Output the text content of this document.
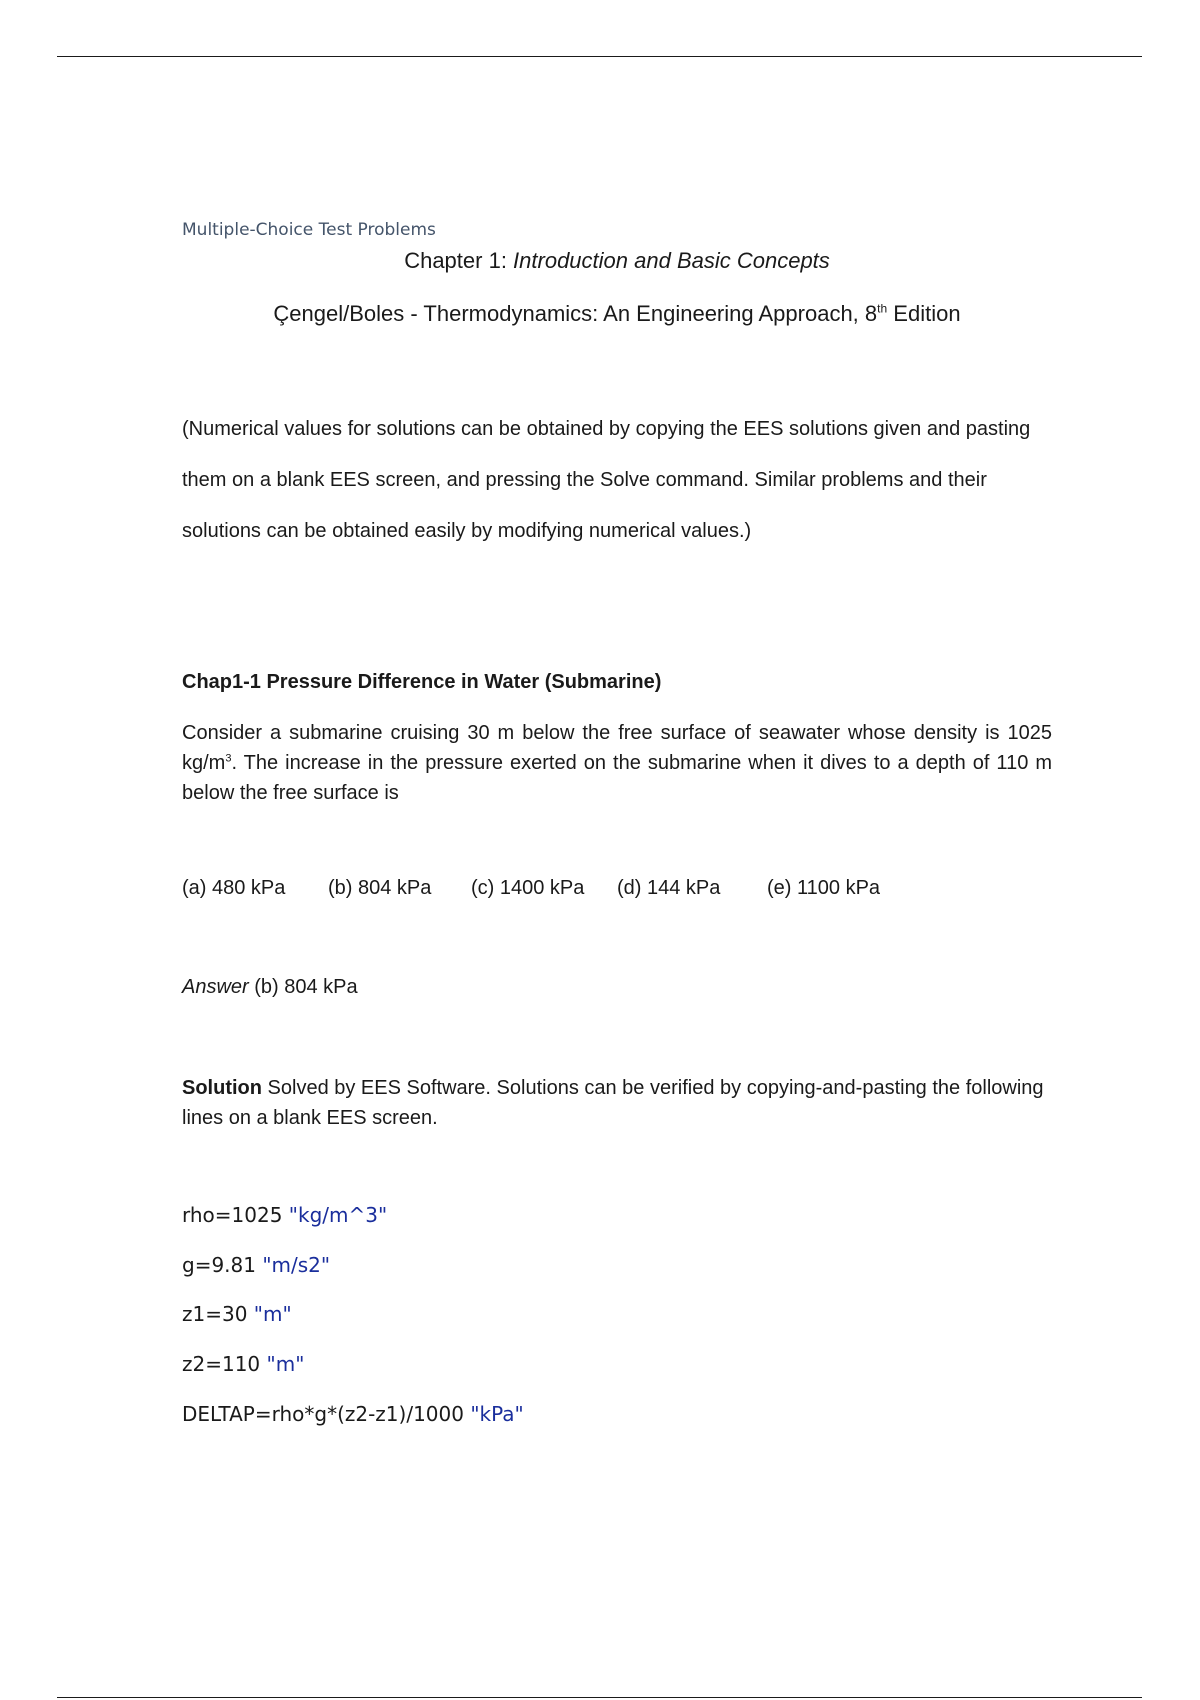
Multiple-Choice Test Problems
Chapter 1: Introduction and Basic Concepts
Çengel/Boles - Thermodynamics: An Engineering Approach, 8th Edition
(Numerical values for solutions can be obtained by copying the EES solutions given and pasting them on a blank EES screen, and pressing the Solve command. Similar problems and their solutions can be obtained easily by modifying numerical values.)
Chap1-1 Pressure Difference in Water (Submarine)
Consider a submarine cruising 30 m below the free surface of seawater whose density is 1025 $kg/m^3$. The increase in the pressure exerted on the submarine when it dives to a depth of 110 m below the free surface is

(a) 480 kPa

(b) 804 kPa

(c) 1400 kPa

(d) 144 kPa

(e) 1100 kPa

Answer (b) 804 kPa
Solution Solved by EES Software. Solutions can be verified by copying-and-pasting the following lines on a blank EES screen.
rho=1025 "kg/m^3"
g=9.81 "m/s2"
z1=30 "m"
z2=110 "m"
DELTAP=rho*g*(z2-z1)/1000 "kPa"
